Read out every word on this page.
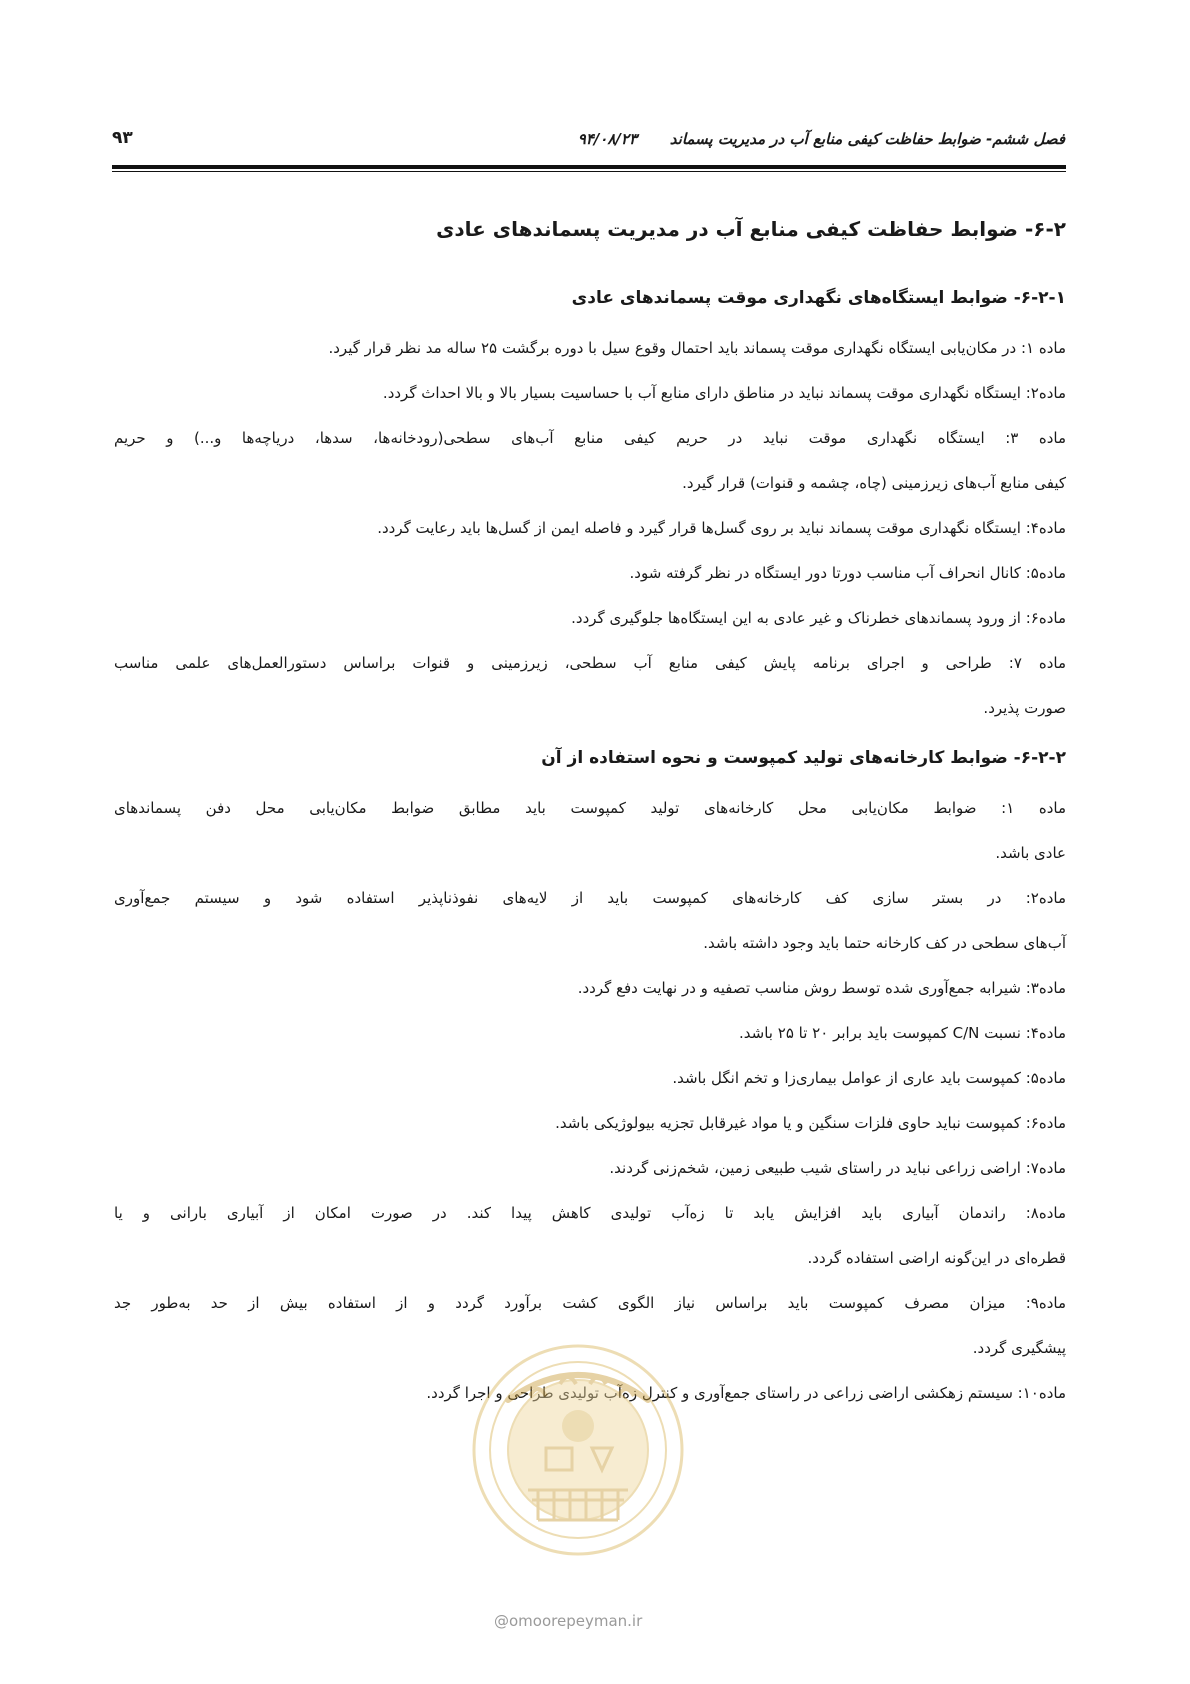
فصل ششم- ضوابط حفاظت کیفی منابع آب در مدیریت پسماند
۹۴/۰۸/۲۳
۹۳
۶-۲- ضوابط حفاظت کیفی منابع آب در مدیریت پسماندهای عادی
۶-۲-۱- ضوابط ایستگاه‌های نگهداری موقت پسماندهای عادی

ماده ۱: در مکان‌یابی ایستگاه نگهداری موقت پسماند باید احتمال وقوع سیل با دوره برگشت ۲۵ ساله مد نظر قرار گیرد.

ماده۲: ایستگاه نگهداری موقت پسماند نباید در مناطق دارای منابع آب با حساسیت بسیار بالا و بالا احداث گردد.

ماده ۳: ایستگاه نگهداری موقت نباید در حریم کیفی منابع آب‌های سطحی(رودخانه‌ها، سدها، دریاچه‌ها و...) و حریم
کیفی منابع آب‌های زیرزمینی (چاه، چشمه و قنوات) قرار گیرد.

ماده۴: ایستگاه نگهداری موقت پسماند نباید بر روی گسل‌ها قرار گیرد و فاصله ایمن از گسل‌ها باید رعایت گردد.

ماده۵: کانال انحراف آب مناسب دورتا دور ایستگاه در نظر گرفته شود.

ماده۶: از ورود پسماندهای خطرناک و غیر عادی به این ایستگاه‌ها جلوگیری گردد.

ماده ۷: طراحی و اجرای برنامه پایش کیفی منابع آب سطحی، زیرزمینی و قنوات براساس دستورالعمل‌های علمی مناسب
صورت پذیرد.

۶-۲-۲- ضوابط کارخانه‌های تولید کمپوست و نحوه استفاده از آن

ماده ۱: ضوابط مکان‌یابی محل کارخانه‌های تولید کمپوست باید مطابق ضوابط مکان‌یابی محل دفن پسماندهای
عادی باشد.

ماده۲: در بستر سازی کف کارخانه‌های کمپوست باید از لایه‌های نفوذناپذیر استفاده شود و سیستم جمع‌آوری
آب‌های سطحی در کف کارخانه حتما باید وجود داشته باشد.

ماده۳: شیرابه جمع‌آوری شده توسط روش مناسب تصفیه و در نهایت دفع گردد.

ماده۴: نسبت C/N کمپوست باید برابر ۲۰ تا ۲۵ باشد.

ماده۵: کمپوست باید عاری از عوامل بیماری‌زا و تخم انگل باشد.

ماده۶: کمپوست نباید حاوی فلزات سنگین و یا مواد غیرقابل تجزیه بیولوژیکی باشد.

ماده۷: اراضی زراعی نباید در راستای شیب طبیعی زمین، شخم‌زنی گردند.

ماده۸: راندمان آبیاری باید افزایش یابد تا زه‌آب تولیدی کاهش پیدا کند. در صورت امکان از آبیاری بارانی و یا
قطره‌ای در این‌گونه اراضی استفاده گردد.

ماده۹: میزان مصرف کمپوست باید براساس نیاز الگوی کشت برآورد گردد و از استفاده بیش از حد به‌طور جد
پیشگیری گردد.

ماده۱۰: سیستم زهکشی اراضی زراعی در راستای جمع‌آوری و کنترل زه‌آب تولیدی طراحی و اجرا گردد.

@omoorepeyman.ir
